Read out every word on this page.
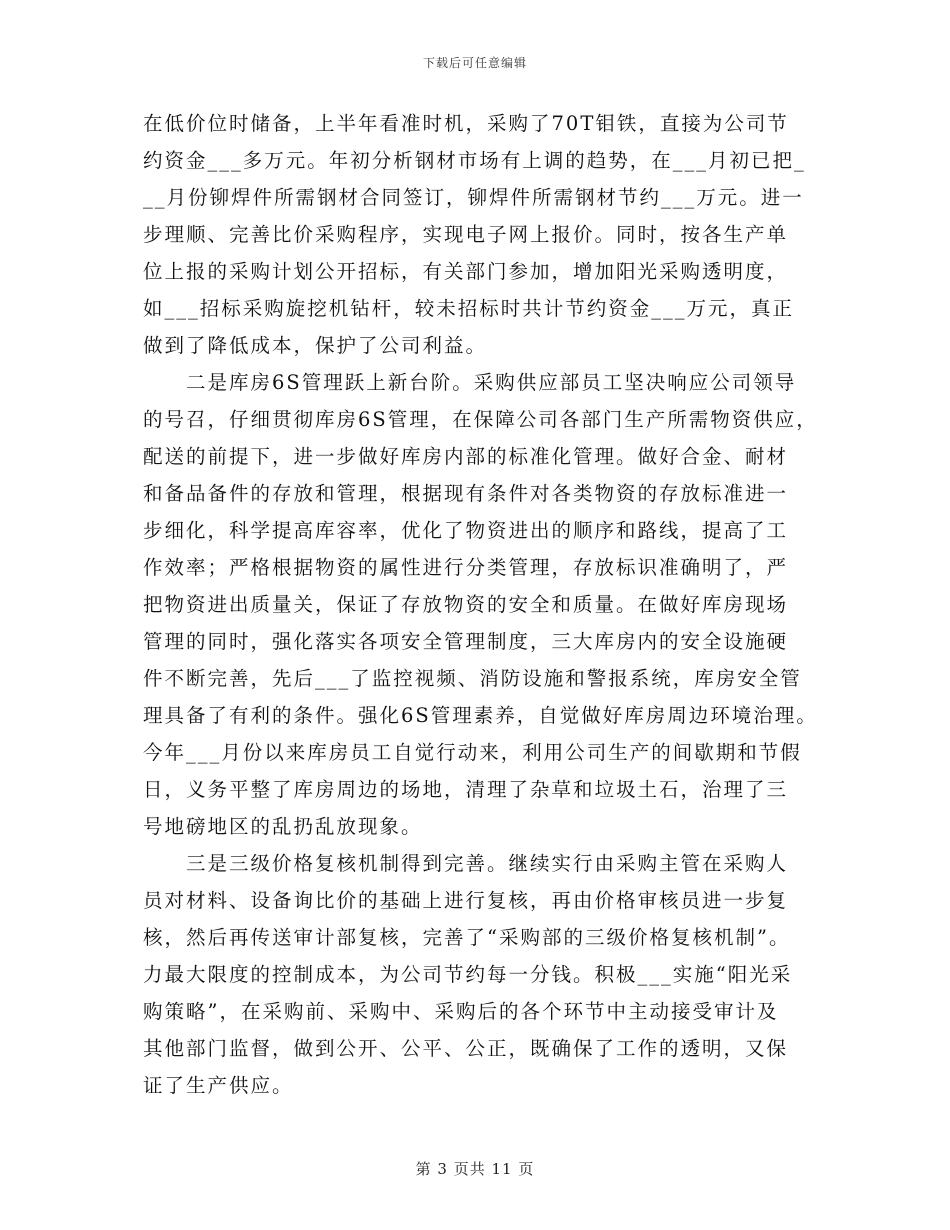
下载后可任意编辑
在低价位时储备，上半年看准时机，采购了70T钼铁，直接为公司节
约资金___多万元。年初分析钢材市场有上调的趋势，在___月初已把_
__月份铆焊件所需钢材合同签订，铆焊件所需钢材节约___万元。进一
步理顺、完善比价采购程序，实现电子网上报价。同时，按各生产单
位上报的采购计划公开招标，有关部门参加，增加阳光采购透明度，
如___招标采购旋挖机钻杆，较未招标时共计节约资金___万元，真正
做到了降低成本，保护了公司利益。
　　二是库房6S管理跃上新台阶。采购供应部员工坚决响应公司领导
的号召，仔细贯彻库房6S管理，在保障公司各部门生产所需物资供应，
配送的前提下，进一步做好库房内部的标准化管理。做好合金、耐材
和备品备件的存放和管理，根据现有条件对各类物资的存放标准进一
步细化，科学提高库容率，优化了物资进出的顺序和路线，提高了工
作效率；严格根据物资的属性进行分类管理，存放标识准确明了，严
把物资进出质量关，保证了存放物资的安全和质量。在做好库房现场
管理的同时，强化落实各项安全管理制度，三大库房内的安全设施硬
件不断完善，先后___了监控视频、消防设施和警报系统，库房安全管
理具备了有利的条件。强化6S管理素养，自觉做好库房周边环境治理。
今年___月份以来库房员工自觉行动来，利用公司生产的间歇期和节假
日，义务平整了库房周边的场地，清理了杂草和垃圾土石，治理了三
号地磅地区的乱扔乱放现象。
　　三是三级价格复核机制得到完善。继续实行由采购主管在采购人
员对材料、设备询比价的基础上进行复核，再由价格审核员进一步复
核，然后再传送审计部复核，完善了“采购部的三级价格复核机制”。
力最大限度的控制成本，为公司节约每一分钱。积极___实施“阳光采
购策略”，在采购前、采购中、采购后的各个环节中主动接受审计及
其他部门监督，做到公开、公平、公正，既确保了工作的透明，又保
证了生产供应。
第 3 页共 11 页
